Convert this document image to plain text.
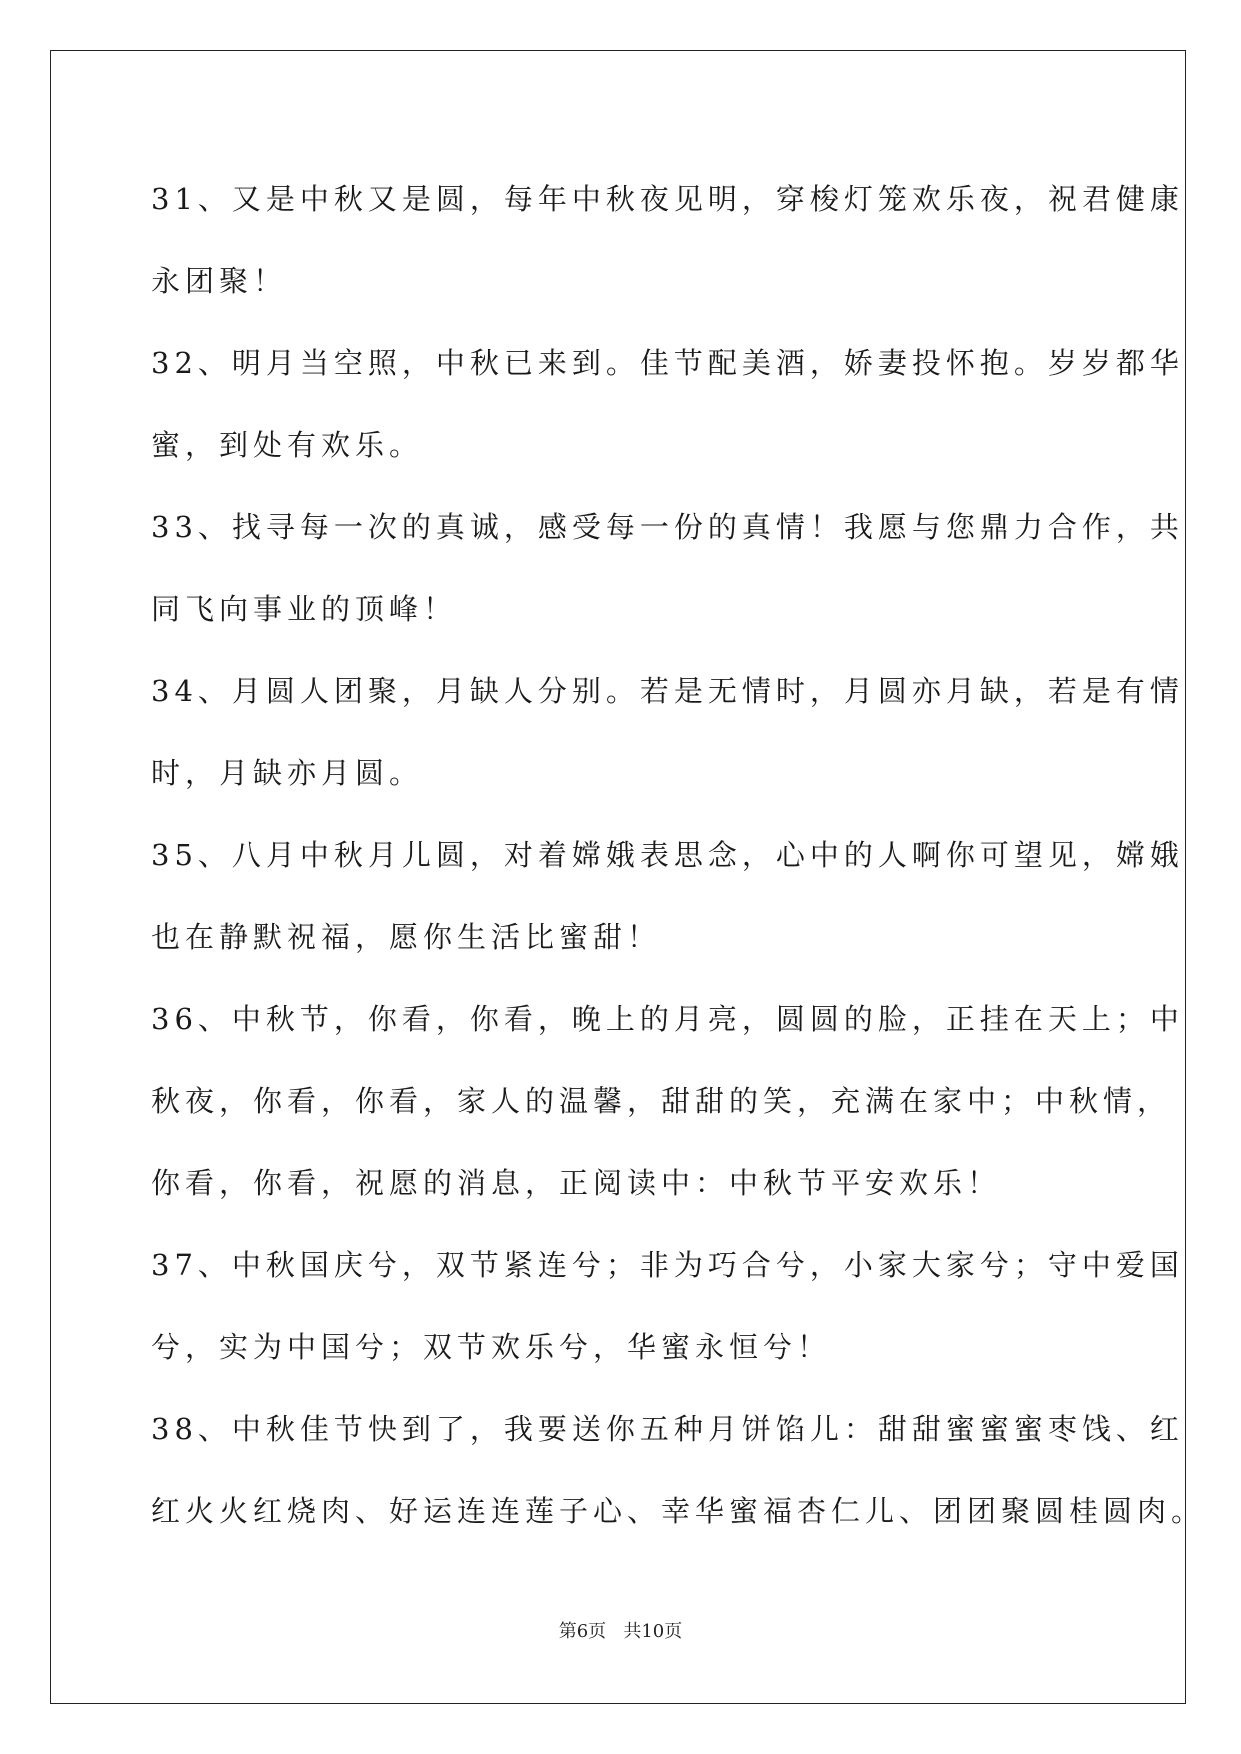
31、又是中秋又是圆，每年中秋夜见明，穿梭灯笼欢乐夜，祝君健康
永团聚！
32、明月当空照，中秋已来到。佳节配美酒，娇妻投怀抱。岁岁都华
蜜，到处有欢乐。
33、找寻每一次的真诚，感受每一份的真情！我愿与您鼎力合作，共
同飞向事业的顶峰！
34、月圆人团聚，月缺人分别。若是无情时，月圆亦月缺，若是有情
时，月缺亦月圆。
35、八月中秋月儿圆，对着嫦娥表思念，心中的人啊你可望见，嫦娥
也在静默祝福，愿你生活比蜜甜！
36、中秋节，你看，你看，晚上的月亮，圆圆的脸，正挂在天上；中
秋夜，你看，你看，家人的温馨，甜甜的笑，充满在家中；中秋情，
你看，你看，祝愿的消息，正阅读中：中秋节平安欢乐！
37、中秋国庆兮，双节紧连兮；非为巧合兮，小家大家兮；守中爱国
兮，实为中国兮；双节欢乐兮，华蜜永恒兮！
38、中秋佳节快到了，我要送你五种月饼馅儿：甜甜蜜蜜蜜枣饯、红
红火火红烧肉、好运连连莲子心、幸华蜜福杏仁儿、团团聚圆桂圆肉。
第6页 共10页
